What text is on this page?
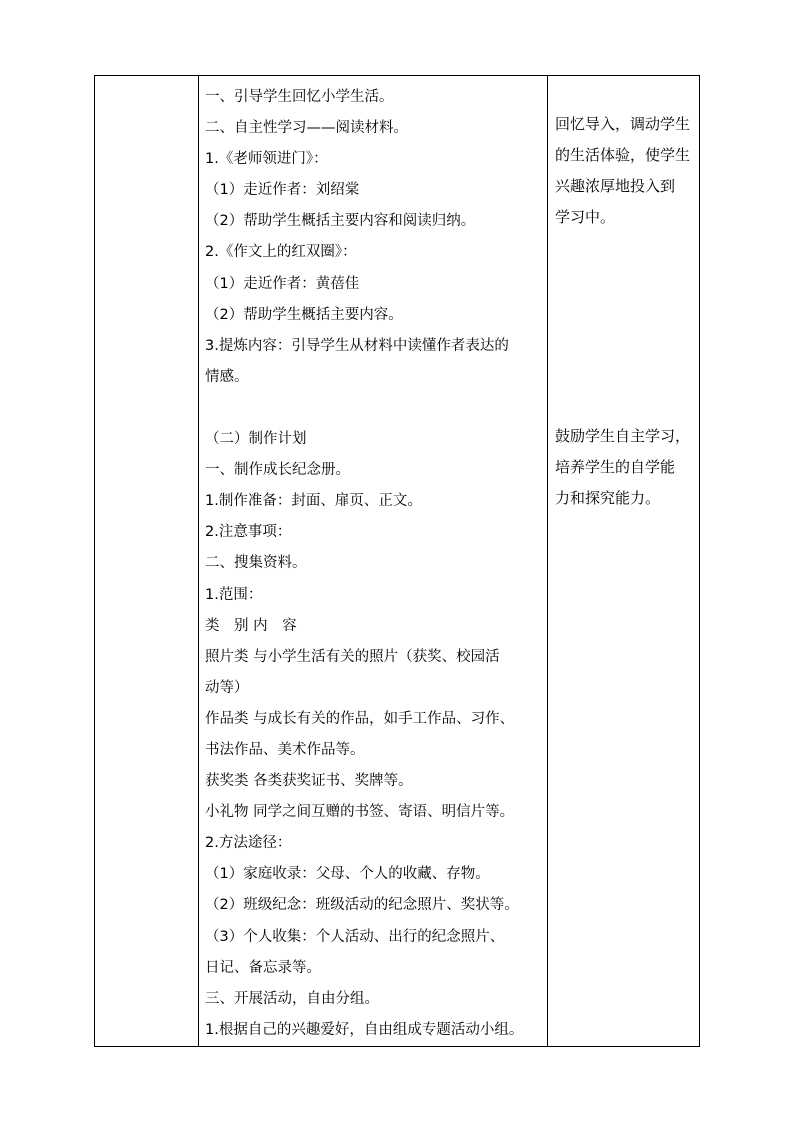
一、引导学生回忆小学生活。
二、自主性学习——阅读材料。
1.《老师领进门》：
（1）走近作者：刘绍棠
（2）帮助学生概括主要内容和阅读归纳。
2.《作文上的红双圈》：
（1）走近作者：黄蓓佳
（2）帮助学生概括主要内容。
3.提炼内容：引导学生从材料中读懂作者表达的
情感。
（二）制作计划
一、制作成长纪念册。
1.制作准备：封面、扉页、正文。
2.注意事项：
二、搜集资料。
1.范围：
类　别 内　容
照片类 与小学生活有关的照片（获奖、校园活
动等）
作品类 与成长有关的作品，如手工作品、习作、
书法作品、美术作品等。
获奖类 各类获奖证书、奖牌等。
小礼物 同学之间互赠的书签、寄语、明信片等。
2.方法途径：
（1）家庭收录：父母、个人的收藏、存物。
（2）班级纪念：班级活动的纪念照片、奖状等。
（3）个人收集：个人活动、出行的纪念照片、
日记、备忘录等。
三、开展活动，自由分组。
1.根据自己的兴趣爱好，自由组成专题活动小组。

回忆导入，调动学生
的生活体验，使学生
兴趣浓厚地投入到
学习中。
鼓励学生自主学习，
培养学生的自学能
力和探究能力。
